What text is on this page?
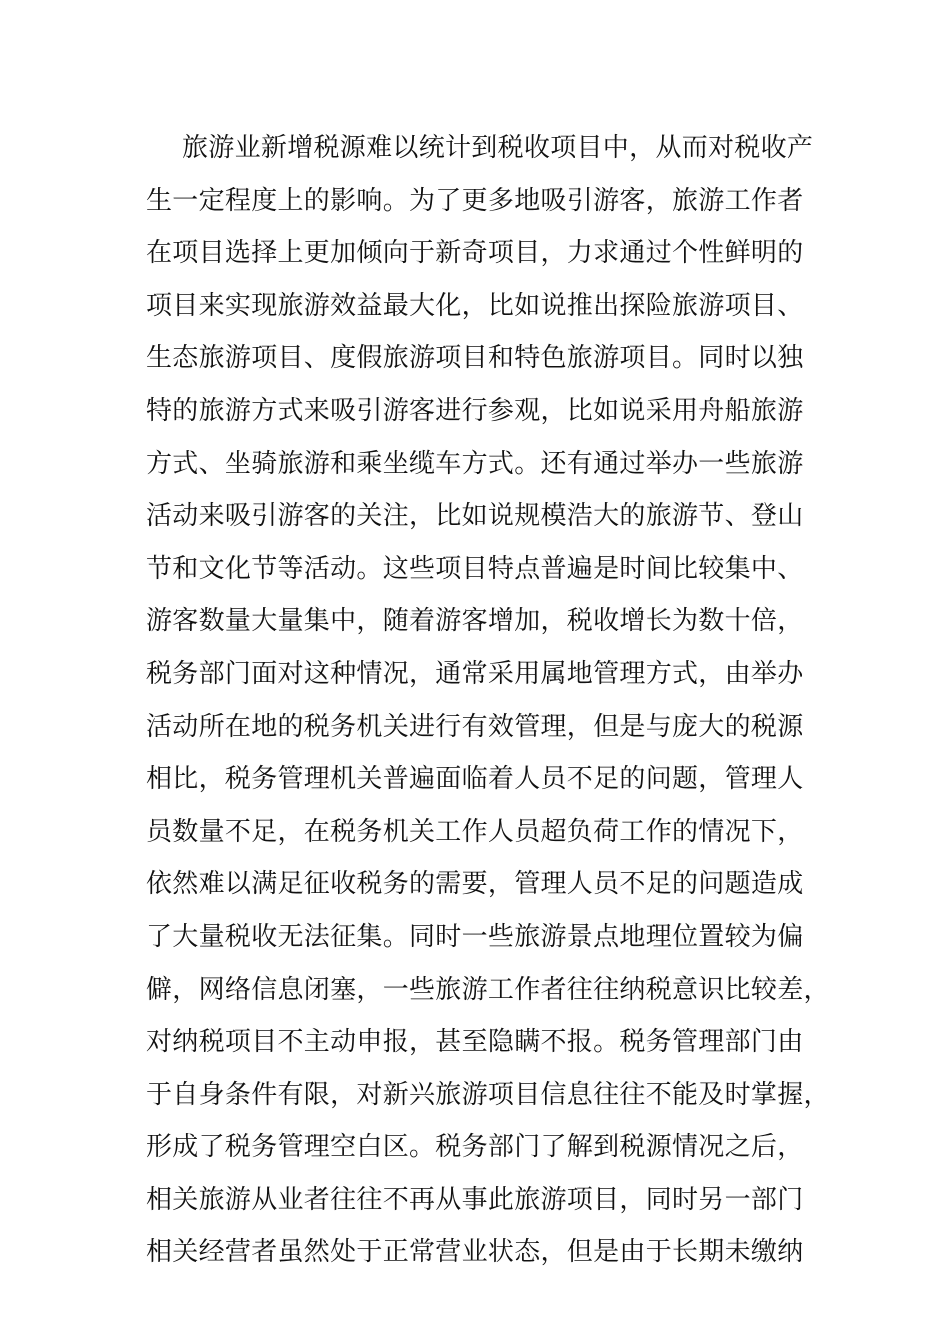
旅游业新增税源难以统计到税收项目中，从而对税收产
生一定程度上的影响。为了更多地吸引游客，旅游工作者
在项目选择上更加倾向于新奇项目，力求通过个性鲜明的
项目来实现旅游效益最大化，比如说推出探险旅游项目、
生态旅游项目、度假旅游项目和特色旅游项目。同时以独
特的旅游方式来吸引游客进行参观，比如说采用舟船旅游
方式、坐骑旅游和乘坐缆车方式。还有通过举办一些旅游
活动来吸引游客的关注，比如说规模浩大的旅游节、登山
节和文化节等活动。这些项目特点普遍是时间比较集中、
游客数量大量集中，随着游客增加，税收增长为数十倍，
税务部门面对这种情况，通常采用属地管理方式，由举办
活动所在地的税务机关进行有效管理，但是与庞大的税源
相比，税务管理机关普遍面临着人员不足的问题，管理人
员数量不足，在税务机关工作人员超负荷工作的情况下，
依然难以满足征收税务的需要，管理人员不足的问题造成
了大量税收无法征集。同时一些旅游景点地理位置较为偏
僻，网络信息闭塞，一些旅游工作者往往纳税意识比较差，
对纳税项目不主动申报，甚至隐瞒不报。税务管理部门由
于自身条件有限，对新兴旅游项目信息往往不能及时掌握，
形成了税务管理空白区。税务部门了解到税源情况之后，
相关旅游从业者往往不再从事此旅游项目，同时另一部门
相关经营者虽然处于正常营业状态，但是由于长期未缴纳
